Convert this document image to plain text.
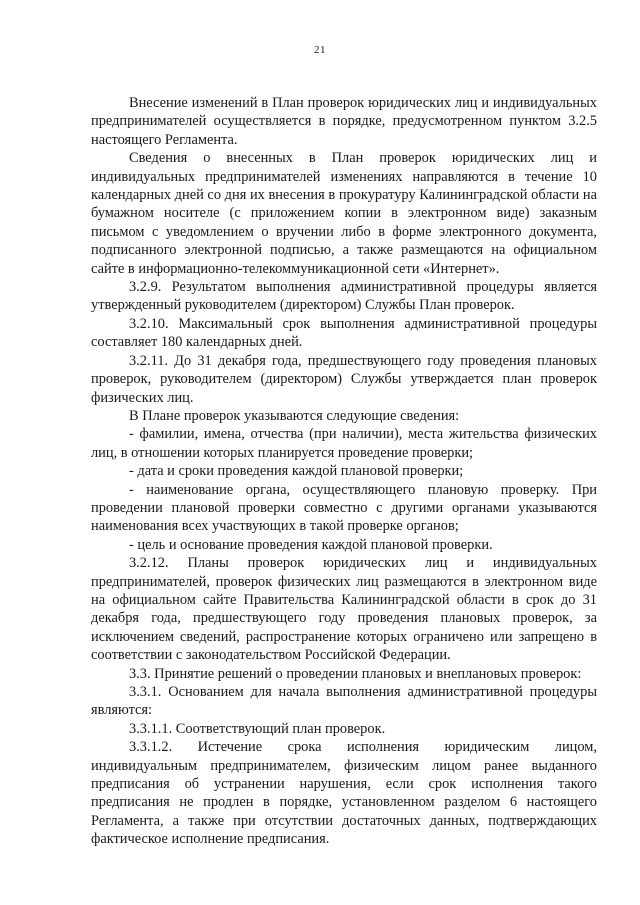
21

Внесение изменений в План проверок юридических лиц и индивидуальных предпринимателей осуществляется в порядке, предусмотренном пунктом 3.2.5 настоящего Регламента.

Сведения о внесенных в План проверок юридических лиц и индивидуальных предпринимателей изменениях направляются в течение 10 календарных дней со дня их внесения в прокуратуру Калининградской области на бумажном носителе (с приложением копии в электронном виде) заказным письмом с уведомлением о вручении либо в форме электронного документа, подписанного электронной подписью, а также размещаются на официальном сайте в информационно-телекоммуникационной сети «Интернет».

3.2.9. Результатом выполнения административной процедуры является утвержденный руководителем (директором) Службы План проверок.

3.2.10. Максимальный срок выполнения административной процедуры составляет 180 календарных дней.

3.2.11. До 31 декабря года, предшествующего году проведения плановых проверок, руководителем (директором) Службы утверждается план проверок физических лиц.

В Плане проверок указываются следующие сведения:

- фамилии, имена, отчества (при наличии), места жительства физических лиц, в отношении которых планируется проведение проверки;

- дата и сроки проведения каждой плановой проверки;

- наименование органа, осуществляющего плановую проверку. При проведении плановой проверки совместно с другими органами указываются наименования всех участвующих в такой проверке органов;

- цель и основание проведения каждой плановой проверки.

3.2.12. Планы проверок юридических лиц и индивидуальных предпринимателей, проверок физических лиц размещаются в электронном виде на официальном сайте Правительства Калининградской области в срок до 31 декабря года, предшествующего году проведения плановых проверок, за исключением сведений, распространение которых ограничено или запрещено в соответствии с законодательством Российской Федерации.

3.3. Принятие решений о проведении плановых и внеплановых проверок:

3.3.1. Основанием для начала выполнения административной процедуры являются:

3.3.1.1. Соответствующий план проверок.

3.3.1.2. Истечение срока исполнения юридическим лицом, индивидуальным предпринимателем, физическим лицом ранее выданного предписания об устранении нарушения, если срок исполнения такого предписания не продлен в порядке, установленном разделом 6 настоящего Регламента, а также при отсутствии достаточных данных, подтверждающих фактическое исполнение предписания.
